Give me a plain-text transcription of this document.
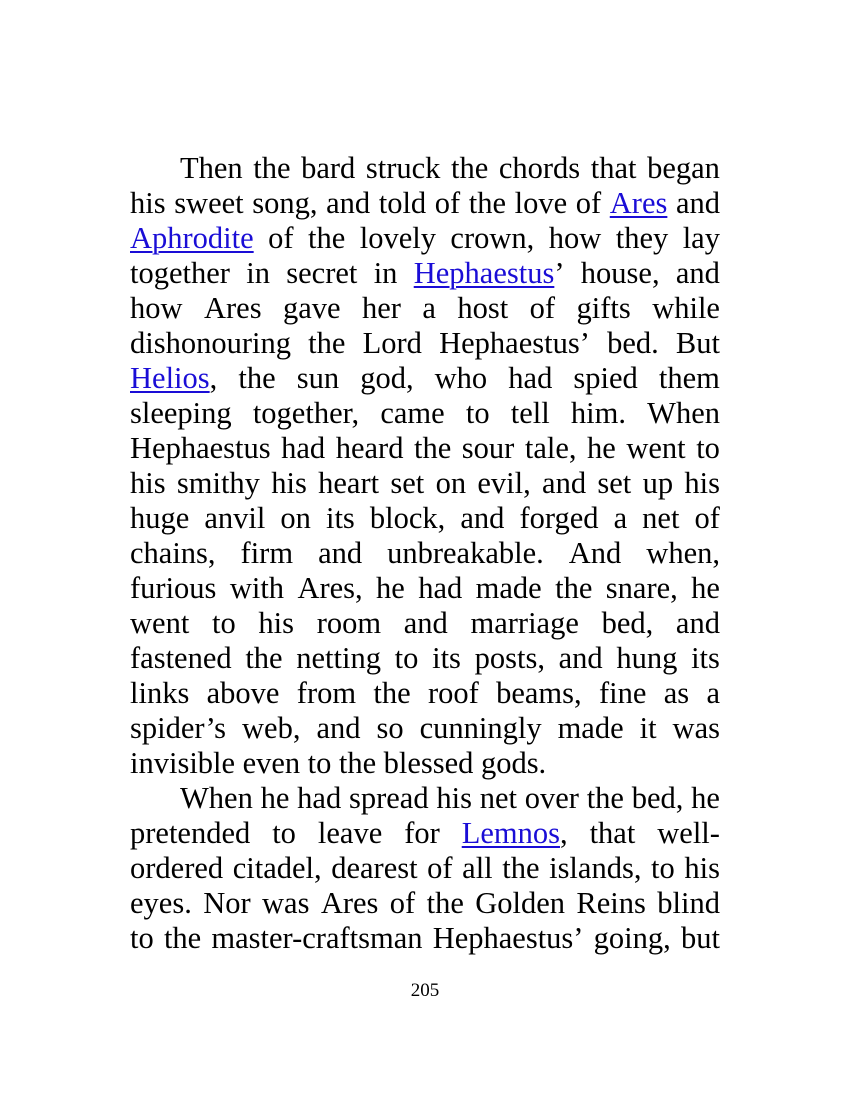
Then the bard struck the chords that began
his sweet song, and told of the love of Ares and
Aphrodite of the lovely crown, how they lay
together in secret in Hephaestus’ house, and
how Ares gave her a host of gifts while
dishonouring the Lord Hephaestus’ bed. But
Helios, the sun god, who had spied them
sleeping together, came to tell him. When
Hephaestus had heard the sour tale, he went to
his smithy his heart set on evil, and set up his
huge anvil on its block, and forged a net of
chains, firm and unbreakable. And when,
furious with Ares, he had made the snare, he
went to his room and marriage bed, and
fastened the netting to its posts, and hung its
links above from the roof beams, fine as a
spider’s web, and so cunningly made it was
invisible even to the blessed gods.
When he had spread his net over the bed, he
pretended to leave for Lemnos, that well-
ordered citadel, dearest of all the islands, to his
eyes. Nor was Ares of the Golden Reins blind
to the master-craftsman Hephaestus’ going, but
205
